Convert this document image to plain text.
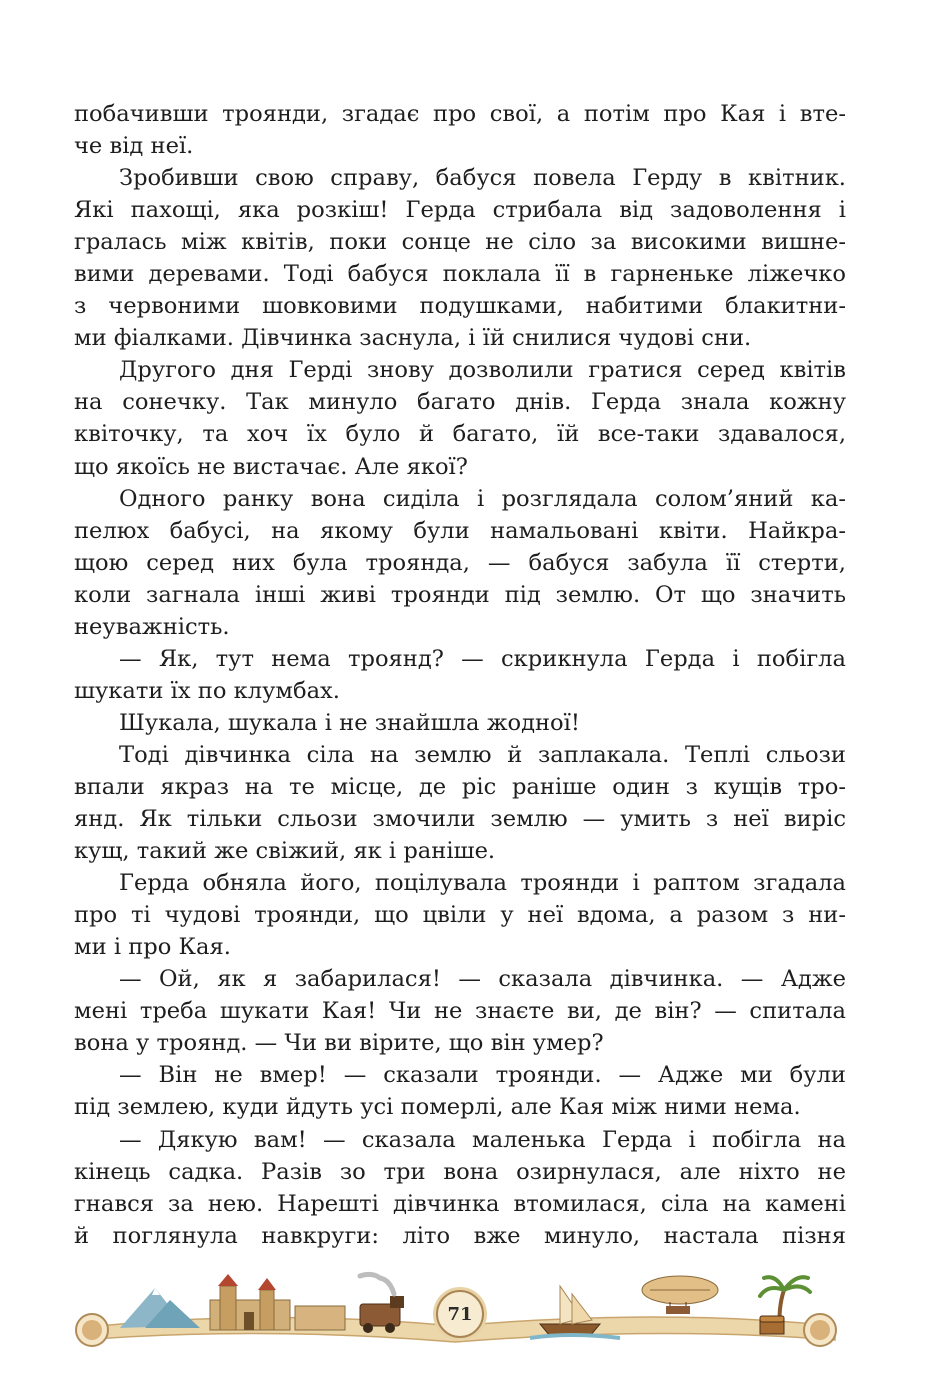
побачивши троянди, згадає про свої, а потім про Кая і вте-
че від неї.
Зробивши свою справу, бабуся повела Герду в квітник.
Які пахощі, яка розкіш! Герда стрибала від задоволення і
гралась між квітів, поки сонце не сіло за високими вишне-
вими деревами. Тоді бабуся поклала її в гарненьке ліжечко
з червоними шовковими подушками, набитими блакитни-
ми фіалками. Дівчинка заснула, і їй снилися чудові сни.
Другого дня Герді знову дозволили гратися серед квітів
на сонечку. Так минуло багато днів. Герда знала кожну
квіточку, та хоч їх було й багато, їй все-таки здавалося,
що якоїсь не вистачає. Але якої?
Одного ранку вона сиділа і розглядала солом’яний ка-
пелюх бабусі, на якому були намальовані квіти. Найкра-
щою серед них була троянда, — бабуся забула її стерти,
коли загнала інші живі троянди під землю. От що значить
неуважність.
— Як, тут нема троянд? — скрикнула Герда і побігла
шукати їх по клумбах.
Шукала, шукала і не знайшла жодної!
Тоді дівчинка сіла на землю й заплакала. Теплі сльози
впали якраз на те місце, де ріс раніше один з кущів тро-
янд. Як тільки сльози змочили землю — умить з неї виріс
кущ, такий же свіжий, як і раніше.
Герда обняла його, поцілувала троянди і раптом згадала
про ті чудові троянди, що цвіли у неї вдома, а разом з ни-
ми і про Кая.
— Ой, як я забарилася! — сказала дівчинка. — Адже
мені треба шукати Кая! Чи не знаєте ви, де він? — спитала
вона у троянд. — Чи ви вірите, що він умер?
— Він не вмер! — сказали троянди. — Адже ми були
під землею, куди йдуть усі померлі, але Кая між ними нема.
— Дякую вам! — сказала маленька Герда і побігла на
кінець садка. Разів зо три вона озирнулася, але ніхто не
гнався за нею. Нарешті дівчинка втомилася, сіла на камені
й поглянула навкруги: літо вже минуло, настала пізня
71
